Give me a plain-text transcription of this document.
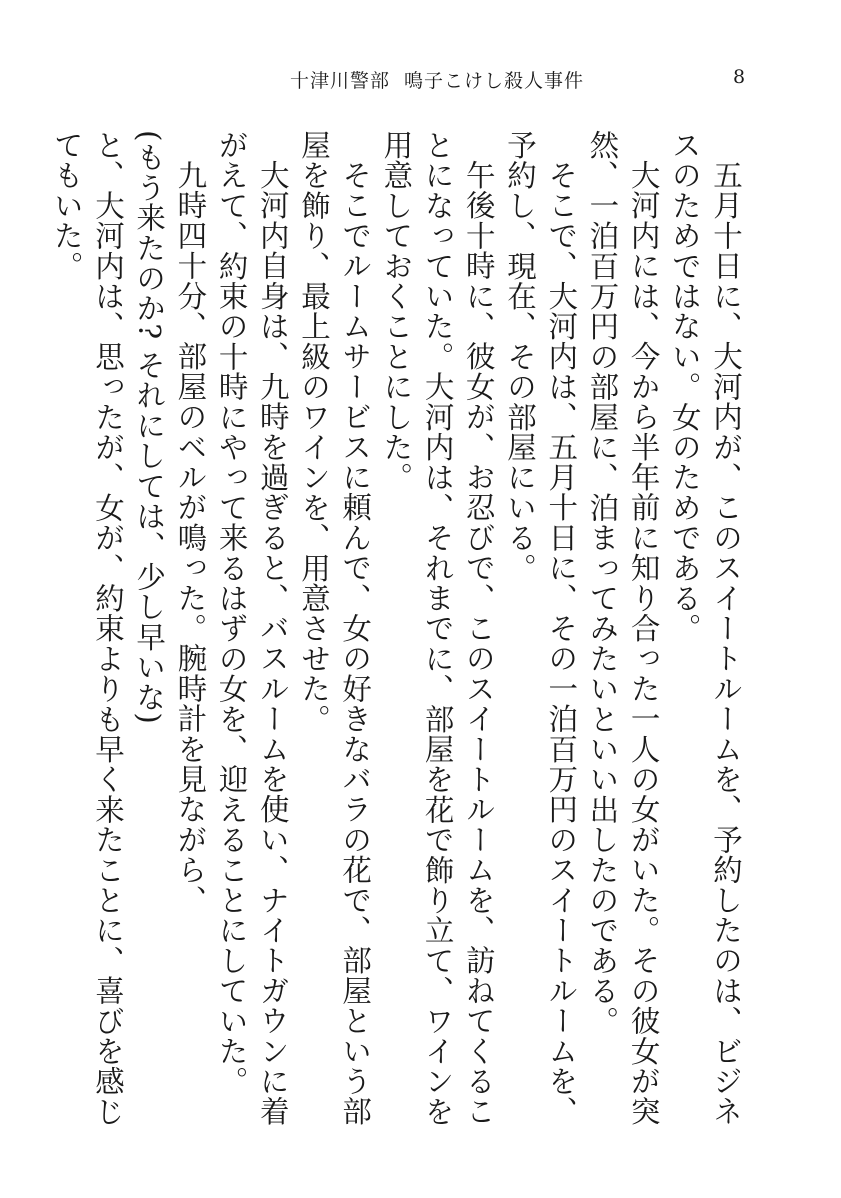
十津川警部 鳴子こけし殺人事件	8

五月十日に、大河内が、このスイートルームを、予約したのは、ビジネスのためではない。女のためである。

大河内には、今から半年前に知り合った一人の女がいた。その彼女が突然、一泊百万円の部屋に、泊まってみたいといい出したのである。

そこで、大河内は、五月十日に、その一泊百万円のスイートルームを、予約し、現在、その部屋にいる。

午後十時に、彼女が、お忍びで、このスイートルームを、訪ねてくることになっていた。大河内は、それまでに、部屋を花で飾り立て、ワインを用意しておくことにした。

そこでルームサービスに頼んで、女の好きなバラの花で、部屋という部屋を飾り、最上級のワインを、用意させた。

大河内自身は、九時を過ぎると、バスルームを使い、ナイトガウンに着がえて、約束の十時にやって来るはずの女を、迎えることにしていた。

九時四十分、部屋のベルが鳴った。腕時計を見ながら、

(もう来たのか? それにしては、少し早いな)

と、大河内は、思ったが、女が、約束よりも早く来たことに、喜びを感じてもいた。
